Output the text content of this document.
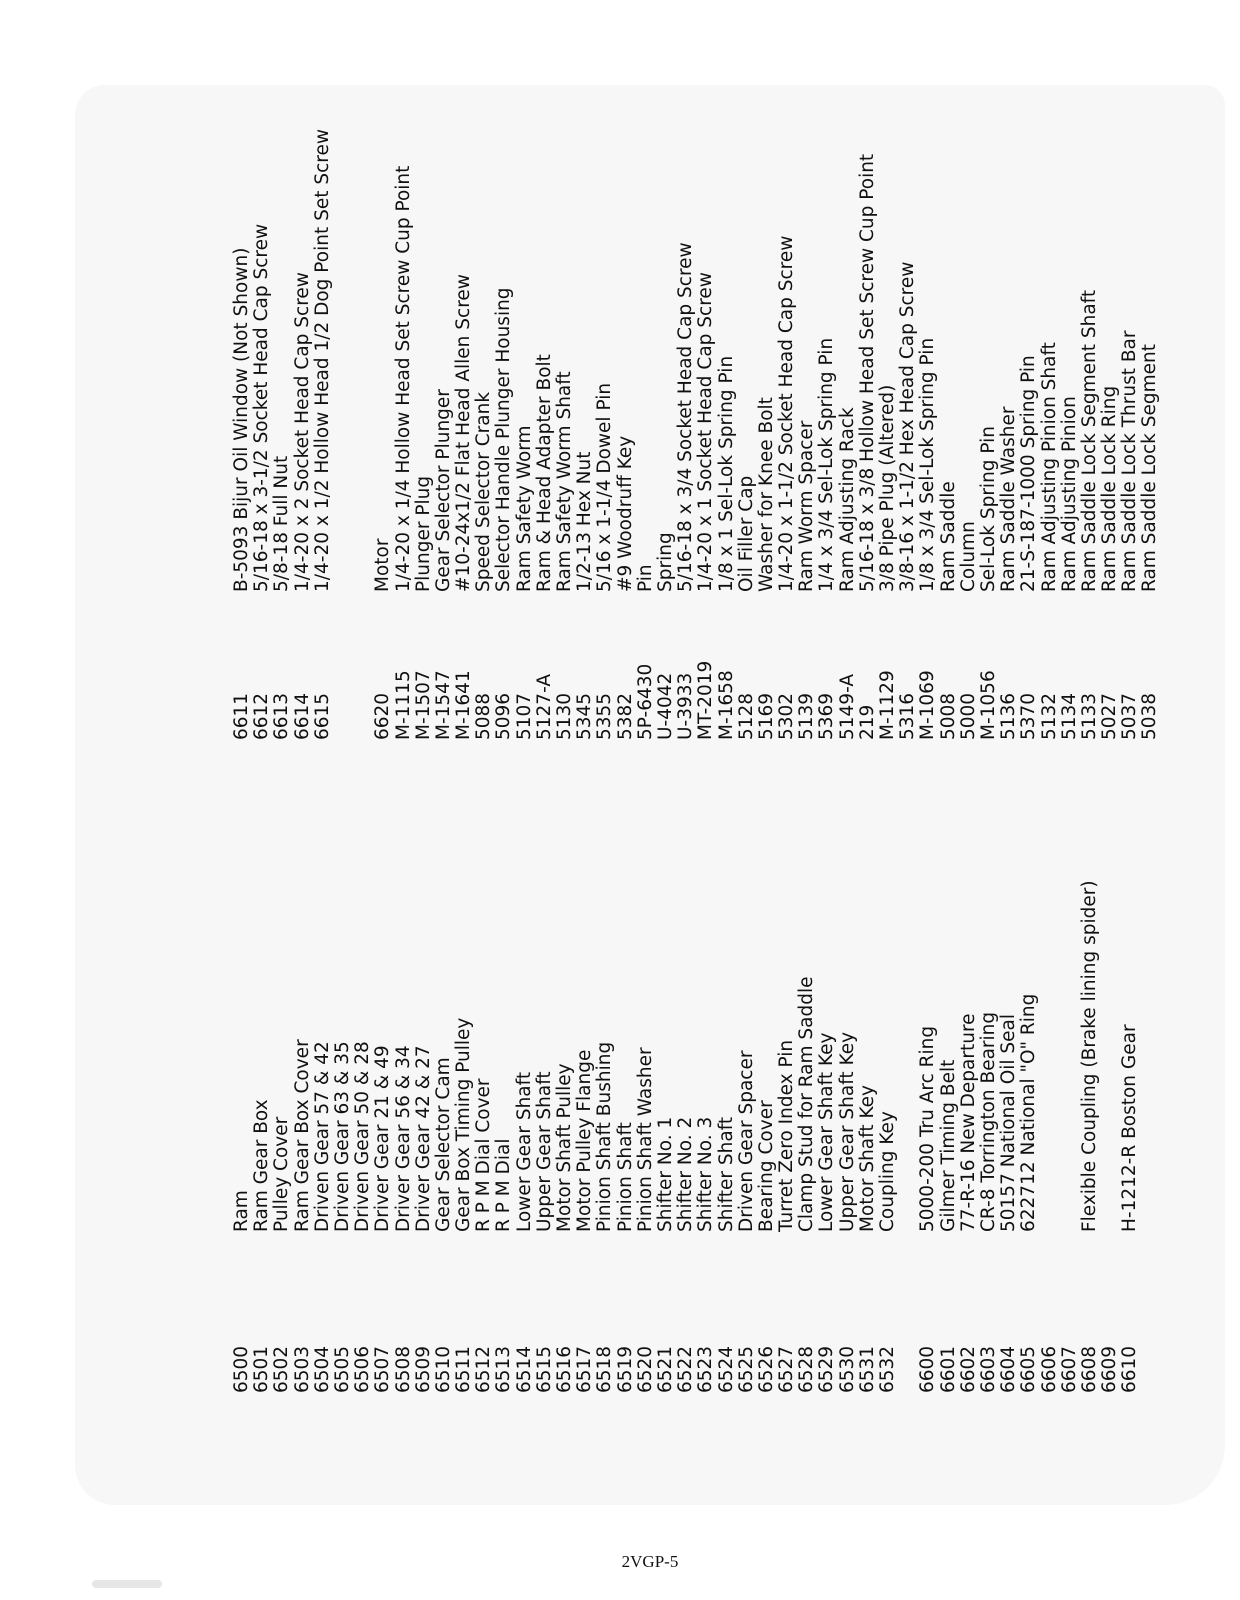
6500 6501 6502 6503 6504 6505 6506 6507 6508 6509 6510 6511 6512 6513 6514 6515 6516 6517 6518 6519 6520 6521 6522 6523 6524 6525 6526 6527 6528 6529 6530 6531 6532 6600 6601 6602 6603 6604 6605 6606 6607 6608 6609 6610
Ram Ram Gear Box Pulley Cover Ram Gear Box Cover Driven Gear 57 & 42 Driven Gear 63 & 35 Driven Gear 50 & 28 Driver Gear 21 & 49 Driver Gear 56 & 34 Driver Gear 42 & 27 Gear Selector Cam Gear Box Timing Pulley R P M Dial Cover R P M Dial Lower Gear Shaft Upper Gear Shaft Motor Shaft Pulley Motor Pulley Flange Pinion Shaft Bushing Pinion Shaft Pinion Shaft Washer Shifter No. 1 Shifter No. 2 Shifter No. 3 Shifter Shaft Driven Gear Spacer Bearing Cover Turret Zero Index Pin Clamp Stud for Ram Saddle Lower Gear Shaft Key Upper Gear Shaft Key Motor Shaft Key Coupling Key 5000-200 Tru Arc Ring Gilmer Timing Belt 77-R-16 New Departure CR-8 Torrington Bearing 50157 National Oil Seal 622712 National "O" Ring Flexible Coupling (Brake lining spider) H-1212-R Boston Gear
6611 6612 6613 6614 6615 6620 M-1115 M-1507 M-1547 M-1641 5088 5096 5107 5127-A 5130 5345 5355 5382 5P-6430 U-4042 U-3933 MT-2019 M-1658 5128 5169 5302 5139 5369 5149-A 219 M-1129 5316 M-1069 5008 5000 M-1056 5136 5370 5132 5134 5133 5027 5037 5038
B-5093 Bijur Oil Window (Not Shown) 5/16-18 x 3-1/2 Socket Head Cap Screw 5/8-18 Full Nut 1/4-20 x 2 Socket Head Cap Screw 1/4-20 x 1/2 Hollow Head 1/2 Dog Point Set Screw Motor 1/4-20 x 1/4 Hollow Head Set Screw Cup Point Plunger Plug Gear Selector Plunger #10-24x1/2 Flat Head Allen Screw Speed Selector Crank Selector Handle Plunger Housing Ram Safety Worm Ram & Head Adapter Bolt Ram Safety Worm Shaft 1/2-13 Hex Nut 5/16 x 1-1/4 Dowel Pin #9 Woodruff Key Pin Spring 5/16-18 x 3/4 Socket Head Cap Screw 1/4-20 x 1 Socket Head Cap Screw 1/8 x 1 Sel-Lok Spring Pin Oil Filler Cap Washer for Knee Bolt 1/4-20 x 1-1/2 Socket Head Cap Screw Ram Worm Spacer 1/4 x 3/4 Sel-Lok Spring Pin Ram Adjusting Rack 5/16-18 x 3/8 Hollow Head Set Screw Cup Point 3/8 Pipe Plug (Altered) 3/8-16 x 1-1/2 Hex Head Cap Screw 1/8 x 3/4 Sel-Lok Spring Pin Ram Saddle Column Sel-Lok Spring Pin Ram Saddle Washer 21-S-187-1000 Spring Pin Ram Adjusting Pinion Shaft Ram Adjusting Pinion Ram Saddle Lock Segment Shaft Ram Saddle Lock Ring Ram Saddle Lock Thrust Bar Ram Saddle Lock Segment
2VGP-5
